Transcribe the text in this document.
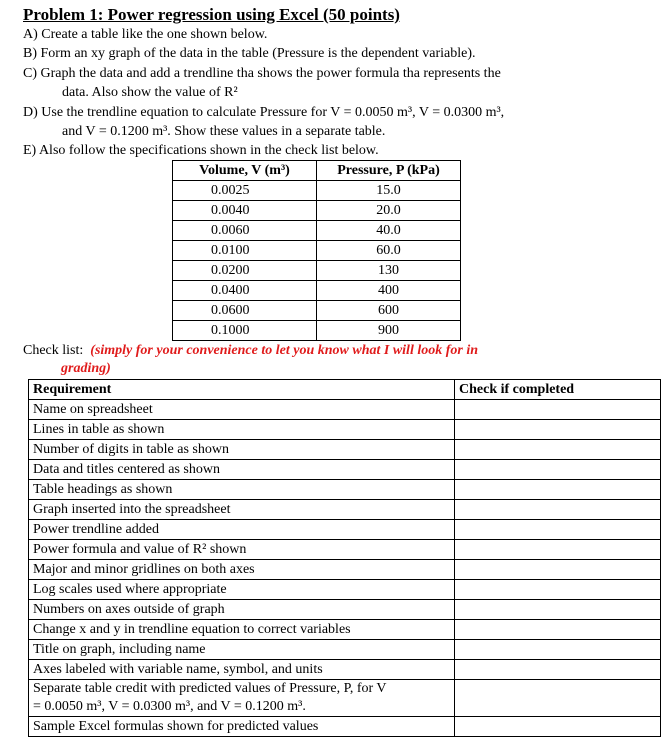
Problem 1: Power regression using Excel (50 points)
A) Create a table like the one shown below.
B) Form an xy graph of the data in the table (Pressure is the dependent variable).
C) Graph the data and add a trendline tha shows the power formula tha represents the
data. Also show the value of R²
D) Use the trendline equation to calculate Pressure for V = 0.0050 m³, V = 0.0300 m³,
and V = 0.1200 m³. Show these values in a separate table.
E) Also follow the specifications shown in the check list below.
Volume, V (m³)	Pressure, P (kPa)
0.0025	15.0
0.0040	20.0
0.0060	40.0
0.0100	60.0
0.0200	130
0.0400	400
0.0600	600
0.1000	900
Check list: (simply for your convenience to let you know what I will look for in
grading)
Requirement	Check if completed
Name on spreadsheet	
Lines in table as shown	
Number of digits in table as shown	
Data and titles centered as shown	
Table headings as shown	
Graph inserted into the spreadsheet	
Power trendline added	
Power formula and value of R² shown	
Major and minor gridlines on both axes	
Log scales used where appropriate	
Numbers on axes outside of graph	
Change x and y in trendline equation to correct variables	
Title on graph, including name	
Axes labeled with variable name, symbol, and units	
Separate table credit with predicted values of Pressure, P, for V
= 0.0050 m³, V = 0.0300 m³, and V = 0.1200 m³.	
Sample Excel formulas shown for predicted values	
